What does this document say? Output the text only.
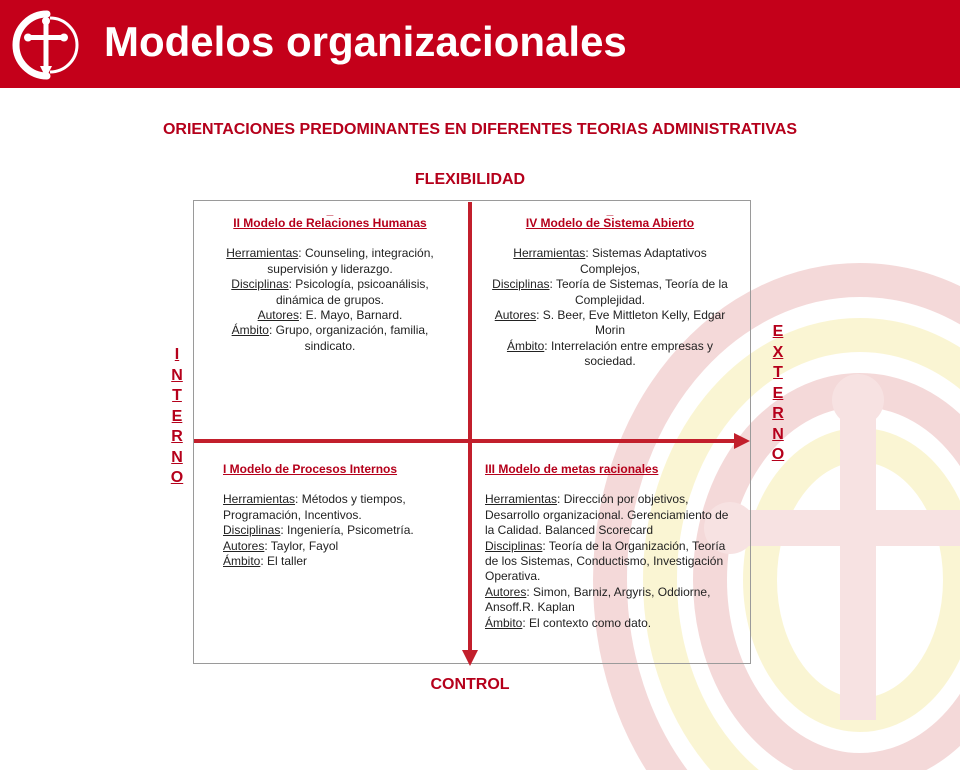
Modelos organizacionales
ORIENTACIONES PREDOMINANTES EN DIFERENTES TEORIAS ADMINISTRATIVAS
FLEXIBILIDAD
CONTROL
I
N
T
E
R
N
O
E
X
T
E
R
N
O
_
II Modelo de Relaciones Humanas
Herramientas: Counseling, integración, supervisión y liderazgo.
Disciplinas: Psicología, psicoanálisis, dinámica de grupos.
Autores: E. Mayo, Barnard.
Ámbito: Grupo, organización, familia, sindicato.
_
IV Modelo de Sistema Abierto
Herramientas: Sistemas Adaptativos Complejos,
Disciplinas: Teoría de Sistemas, Teoría de la Complejidad.
Autores: S. Beer, Eve Mittleton Kelly, Edgar Morin
Ámbito: Interrelación entre empresas y sociedad.
I Modelo de Procesos Internos
Herramientas: Métodos y tiempos, Programación, Incentivos.
Disciplinas: Ingeniería, Psicometría.
Autores: Taylor, Fayol
Ámbito: El taller
III Modelo de metas racionales
Herramientas: Dirección por objetivos, Desarrollo organizacional. Gerenciamiento de la Calidad. Balanced Scorecard
Disciplinas: Teoría de la Organización, Teoría de los Sistemas, Conductismo, Investigación Operativa.
Autores: Simon, Barniz, Argyris, Oddiorne, Ansoff.R. Kaplan
Ámbito: El contexto como dato.
